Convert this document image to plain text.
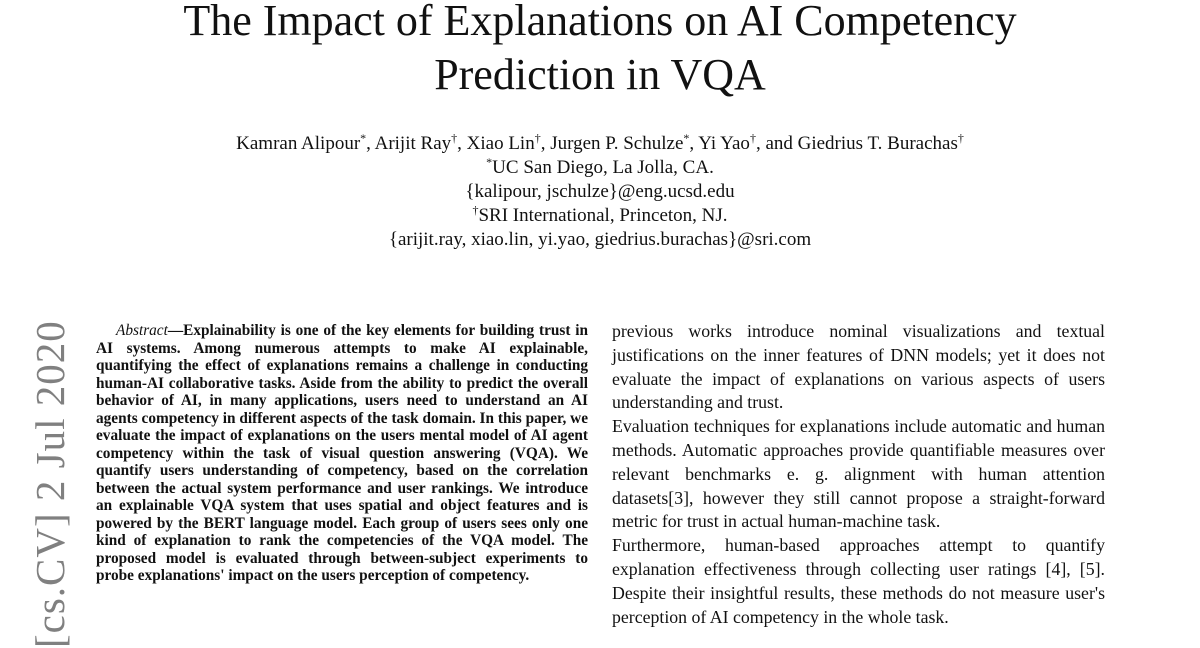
The Impact of Explanations on AI Competency
Prediction in VQA
Kamran Alipour*, Arijit Ray†, Xiao Lin†, Jurgen P. Schulze*, Yi Yao†, and Giedrius T. Burachas†
*UC San Diego, La Jolla, CA.
{kalipour, jschulze}@eng.ucsd.edu
†SRI International, Princeton, NJ.
{arijit.ray, xiao.lin, yi.yao, giedrius.burachas}@sri.com
[cs.CV] 2 Jul 2020	Abstract—Explainability is one of the key elements for building trust in AI systems. Among numerous attempts to make AI explainable, quantifying the effect of explanations remains a challenge in conducting human-AI collaborative tasks. Aside from the ability to predict the overall behavior of AI, in many applications, users need to understand an AI agents competency in different aspects of the task domain. In this paper, we evaluate the impact of explanations on the users mental model of AI agent competency within the task of visual question answering (VQA). We quantify users understanding of competency, based on the correlation between the actual system performance and user rankings. We introduce an explainable VQA system that uses spatial and object features and is powered by the BERT language model. Each group of users sees only one kind of explanation to rank the competencies of the VQA model. The proposed model is evaluated through between-subject experiments to probe explanations' impact on the users perception of competency.

previous works introduce nominal visualizations and textual justifications on the inner features of DNN models; yet it does not evaluate the impact of explanations on various aspects of users understanding and trust.

Evaluation techniques for explanations include automatic and human methods. Automatic approaches provide quantifiable measures over relevant benchmarks e. g. alignment with human attention datasets[3], however they still cannot propose a straight-forward metric for trust in actual human-machine task.

Furthermore, human-based approaches attempt to quantify explanation effectiveness through collecting user ratings [4], [5]. Despite their insightful results, these methods do not measure user's perception of AI competency in the whole task.
